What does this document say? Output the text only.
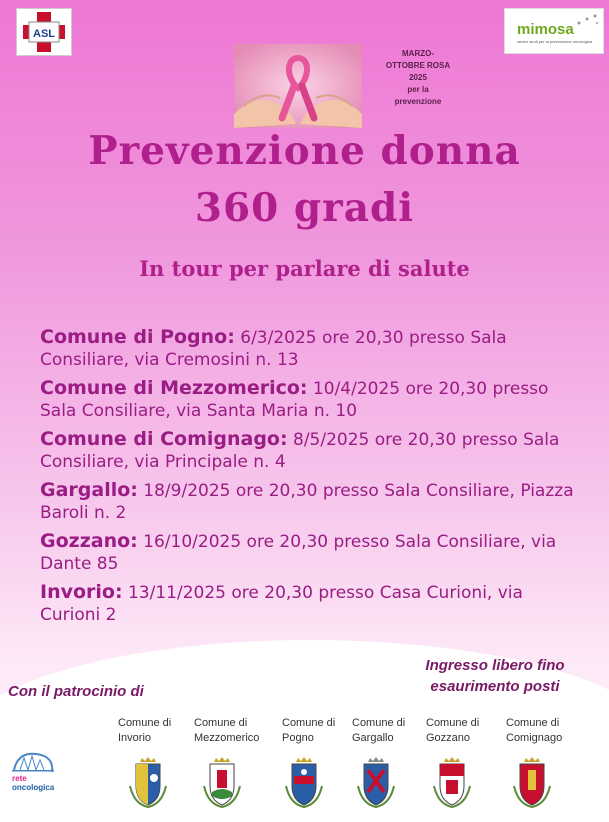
ASL	mimosa
centro studi per la prevenzione oncologica
MARZO-
OTTOBRE ROSA
2025
per la
prevenzione
Prevenzione donna
360 gradi
In tour per parlare di salute
Comune di Pogno: 6/3/2025 ore 20,30 presso Sala Consiliare, via Cremosini n. 13
Comune di Mezzomerico: 10/4/2025 ore 20,30 presso Sala Consiliare, via Santa Maria n. 10
Comune di Comignago: 8/5/2025 ore 20,30 presso Sala Consiliare, via Principale n. 4
Gargallo: 18/9/2025 ore 20,30 presso Sala Consiliare, Piazza Baroli n. 2
Gozzano: 16/10/2025 ore 20,30 presso Sala Consiliare, via Dante 85
Invorio: 13/11/2025 ore 20,30 presso Casa Curioni, via Curioni 2
Ingresso libero fino
esaurimento posti
Con il patrocinio di
rete
oncologica
Comune di
Invorio
Comune di
Mezzomerico
Comune di
Pogno
Comune di
Gargallo
Comune di
Gozzano
Comune di
Comignago
